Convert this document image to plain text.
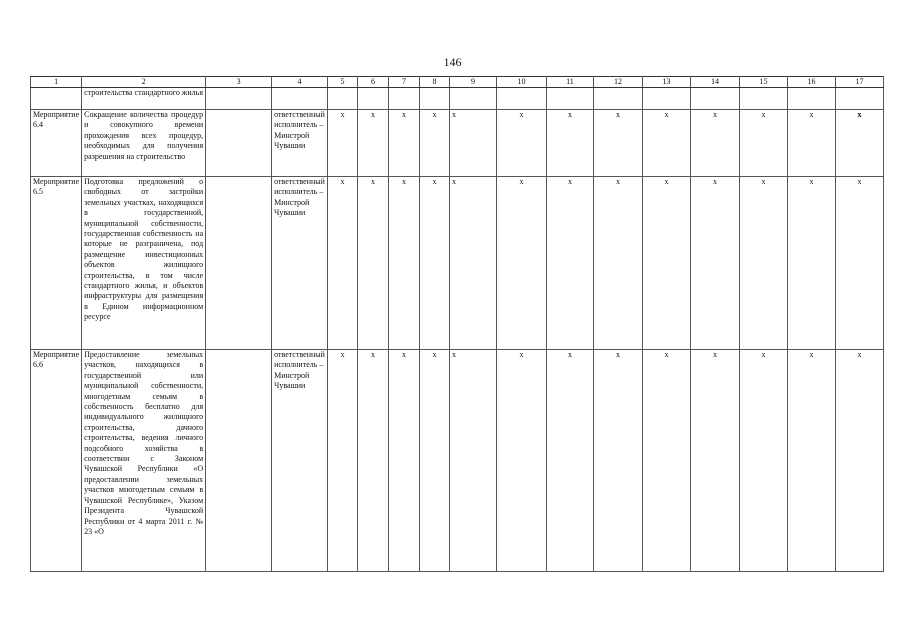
146
1	2	3	4	5	6	7	8	9	10	11	12	13	14	15	16	17
	строительства стандартного жилья															
Мероприятие 6.4	Сокращение количества процедур и совокупного времени прохождения всех процедур, необходимых для получения разрешения на строительство		ответственный исполнитель – Минстрой Чувашии	x	x	x	x	x	x	x	x	x	x	x	x	x
Мероприятие 6.5	Подготовка предложений о свободных от застройки земельных участках, находящихся в государственной, муниципальной собственности, государственная собственность на которые не разграничена, под размещение инвестиционных объектов жилищного строительства, в том числе стандартного жилья, и объектов инфраструктуры для размещения в Едином информационном ресурсе		ответственный исполнитель – Минстрой Чувашии	x	x	x	x	x	x	x	x	x	x	x	x	x
Мероприятие 6.6	Предоставление земельных участков, находящихся в государственной или муниципальной собственности, многодетным семьям в собственность бесплатно для индивидуального жилищного строительства, дачного строительства, ведения личного подсобного хозяйства в соответствии с Законом Чувашской Республики «О предоставлении земельных участков многодетным семьям в Чувашской Республике», Указом Президента Чувашской Республики от 4 марта 2011 г. № 23 «О		ответственный исполнитель – Минстрой Чувашии	x	x	x	x	x	x	x	x	x	x	x	x	x
